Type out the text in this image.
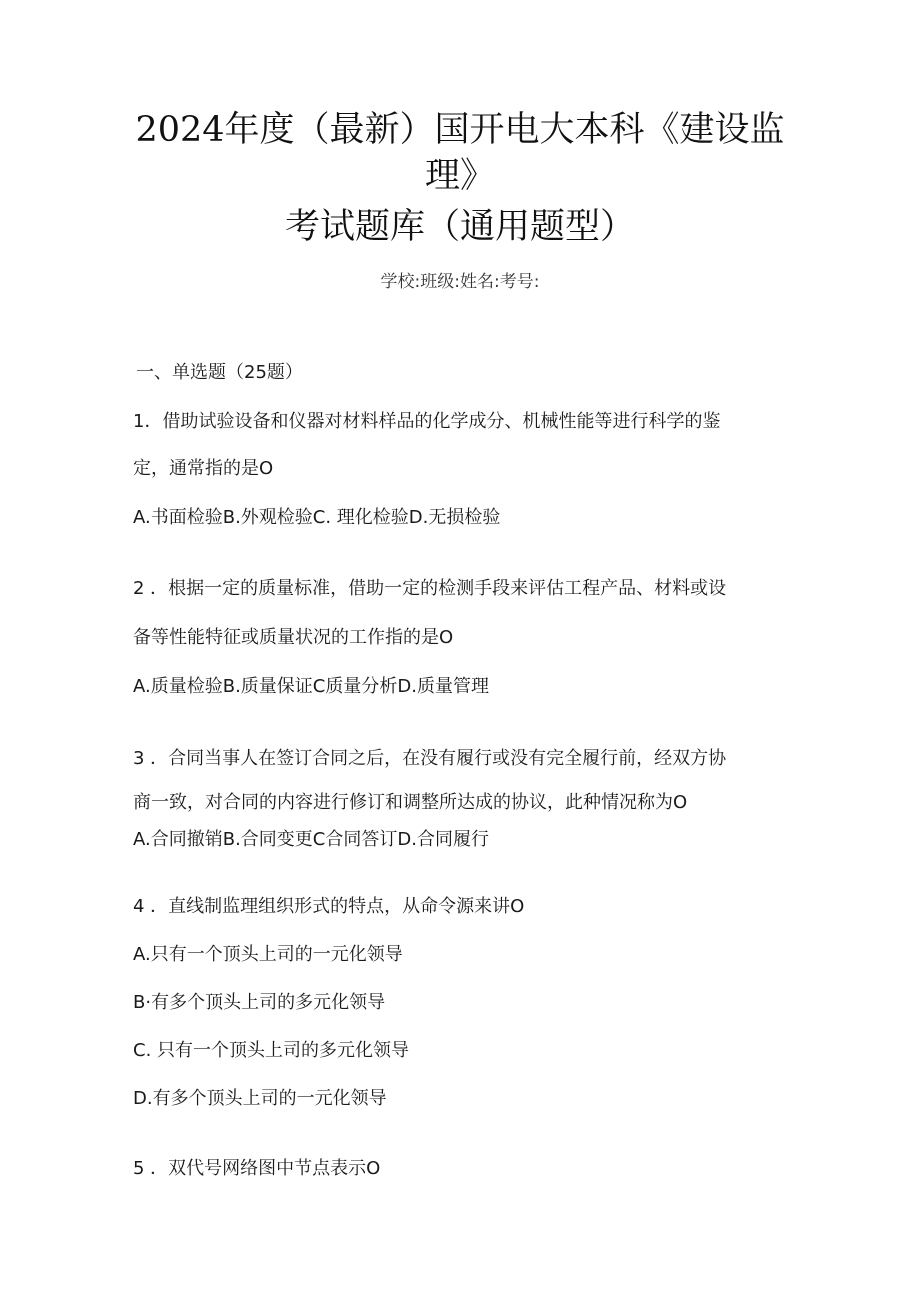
2024年度（最新）国开电大本科《建设监
理》
考试题库（通用题型）
学校:班级:姓名:考号:
一、单选题（25题）
1．借助试验设备和仪器对材料样品的化学成分、机械性能等进行科学的鉴
定，通常指的是O
A.书面检验B.外观检验C. 理化检验D.无损检验
2 ．根据一定的质量标准，借助一定的检测手段来评估工程产品、材料或设
备等性能特征或质量状况的工作指的是O
A.质量检验B.质量保证C质量分析D.质量管理
3 ．合同当事人在签订合同之后，在没有履行或没有完全履行前，经双方协
商一致，对合同的内容进行修订和调整所达成的协议，此种情况称为O
A.合同撤销B.合同变更C合同答订D.合同履行
4 ．直线制监理组织形式的特点，从命令源来讲O
A.只有一个顶头上司的一元化领导
B·有多个顶头上司的多元化领导
C. 只有一个顶头上司的多元化领导
D.有多个顶头上司的一元化领导
5 ．双代号网络图中节点表示O
